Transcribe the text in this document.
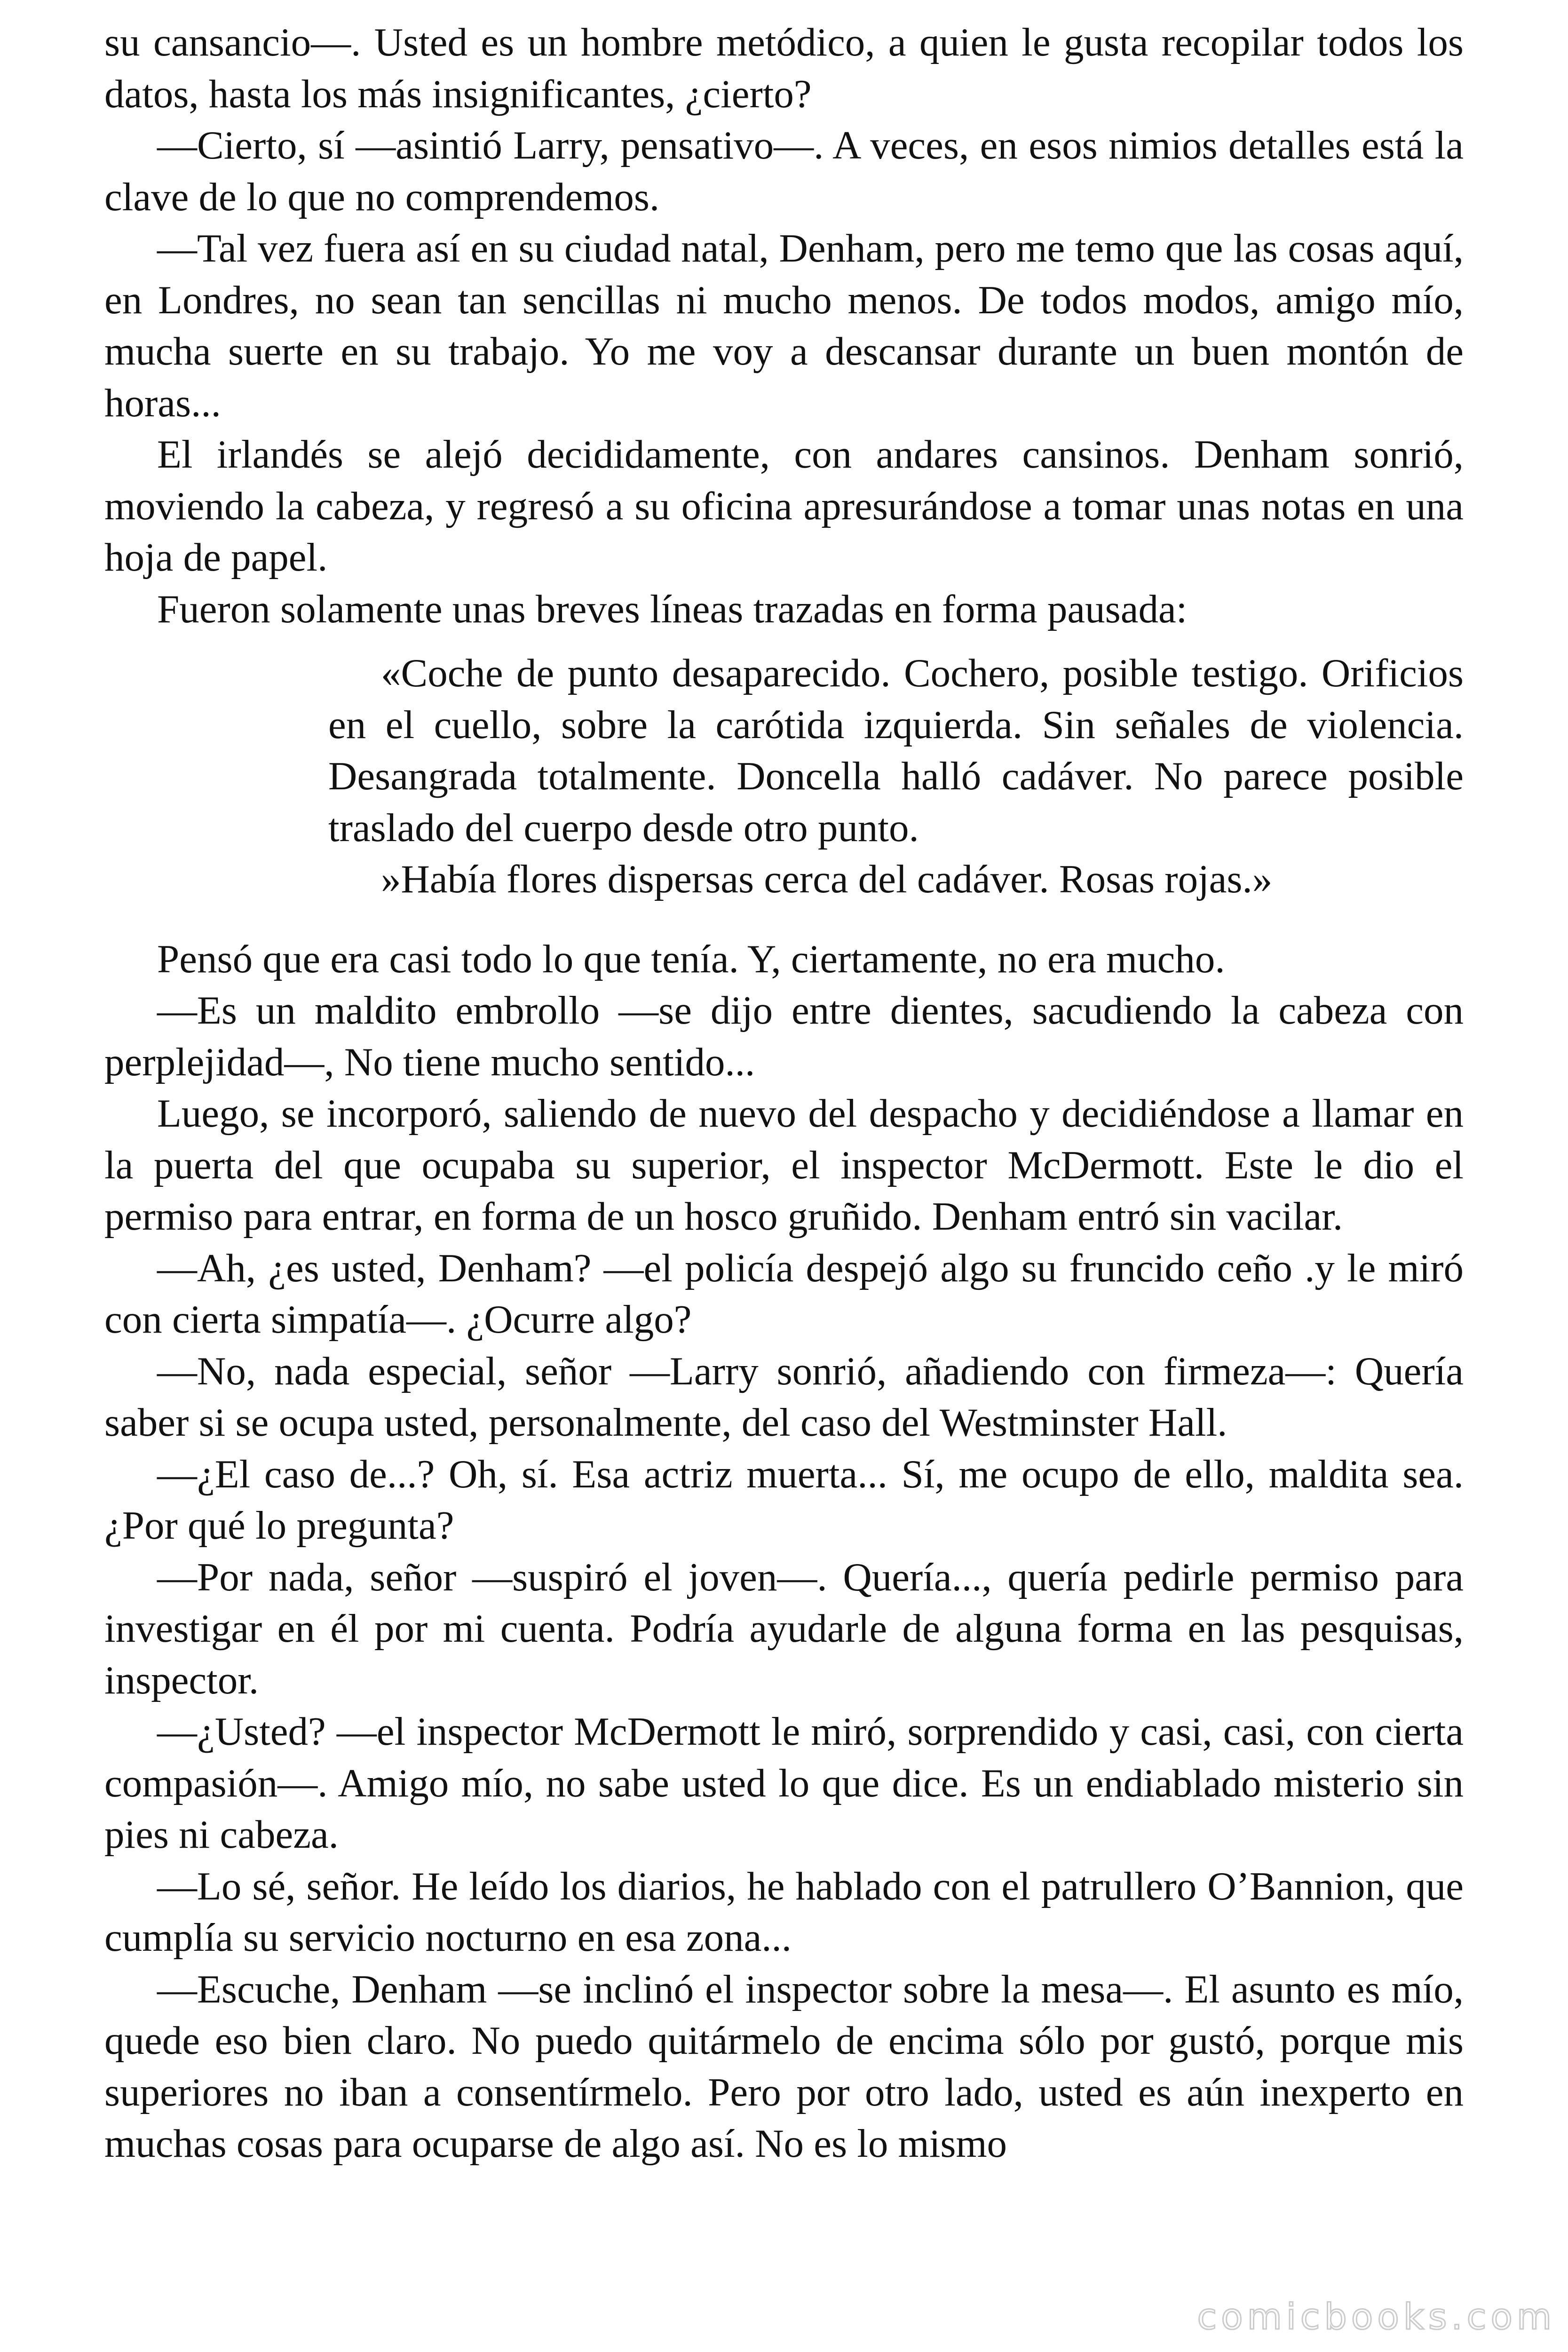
su cansancio—. Usted es un hombre metódico, a quien le gusta recopilar todos los datos, hasta los más insignificantes, ¿cierto?

—Cierto, sí —asintió Larry, pensativo—. A veces, en esos nimios detalles está la clave de lo que no comprendemos.

—Tal vez fuera así en su ciudad natal, Denham, pero me temo que las cosas aquí, en Londres, no sean tan sencillas ni mucho menos. De todos modos, amigo mío, mucha suerte en su trabajo. Yo me voy a descansar durante un buen montón de horas...

El irlandés se alejó decididamente, con andares cansinos. Denham sonrió, moviendo la cabeza, y regresó a su oficina apresurándose a tomar unas notas en una hoja de papel.

Fueron solamente unas breves líneas trazadas en forma pausada:

«Coche de punto desaparecido. Cochero, posible testigo. Orificios en el cuello, sobre la carótida izquierda. Sin señales de violencia. Desangrada totalmente. Doncella halló cadáver. No parece posible traslado del cuerpo desde otro punto.

»Había flores dispersas cerca del cadáver. Rosas rojas.»

Pensó que era casi todo lo que tenía. Y, ciertamente, no era mucho.

—Es un maldito embrollo —se dijo entre dientes, sacudiendo la cabeza con perplejidad—, No tiene mucho sentido...

Luego, se incorporó, saliendo de nuevo del despacho y decidiéndose a llamar en la puerta del que ocupaba su superior, el inspector McDermott. Este le dio el permiso para entrar, en forma de un hosco gruñido. Denham entró sin vacilar.

—Ah, ¿es usted, Denham? —el policía despejó algo su fruncido ceño .y le miró con cierta simpatía—. ¿Ocurre algo?

—No, nada especial, señor —Larry sonrió, añadiendo con firmeza—: Quería saber si se ocupa usted, personalmente, del caso del Westminster Hall.

—¿El caso de...? Oh, sí. Esa actriz muerta... Sí, me ocupo de ello, maldita sea. ¿Por qué lo pregunta?

—Por nada, señor —suspiró el joven—. Quería..., quería pedirle permiso para investigar en él por mi cuenta. Podría ayudarle de alguna forma en las pesquisas, inspector.

—¿Usted? —el inspector McDermott le miró, sorprendido y casi, casi, con cierta compasión—. Amigo mío, no sabe usted lo que dice. Es un endiablado misterio sin pies ni cabeza.

—Lo sé, señor. He leído los diarios, he hablado con el patrullero O’Bannion, que cumplía su servicio nocturno en esa zona...

—Escuche, Denham —se inclinó el inspector sobre la mesa—. El asunto es mío, quede eso bien claro. No puedo quitármelo de encima sólo por gustó, porque mis superiores no iban a consentírmelo. Pero por otro lado, usted es aún inexperto en muchas cosas para ocuparse de algo así. No es lo mismo

comicbooks.com
